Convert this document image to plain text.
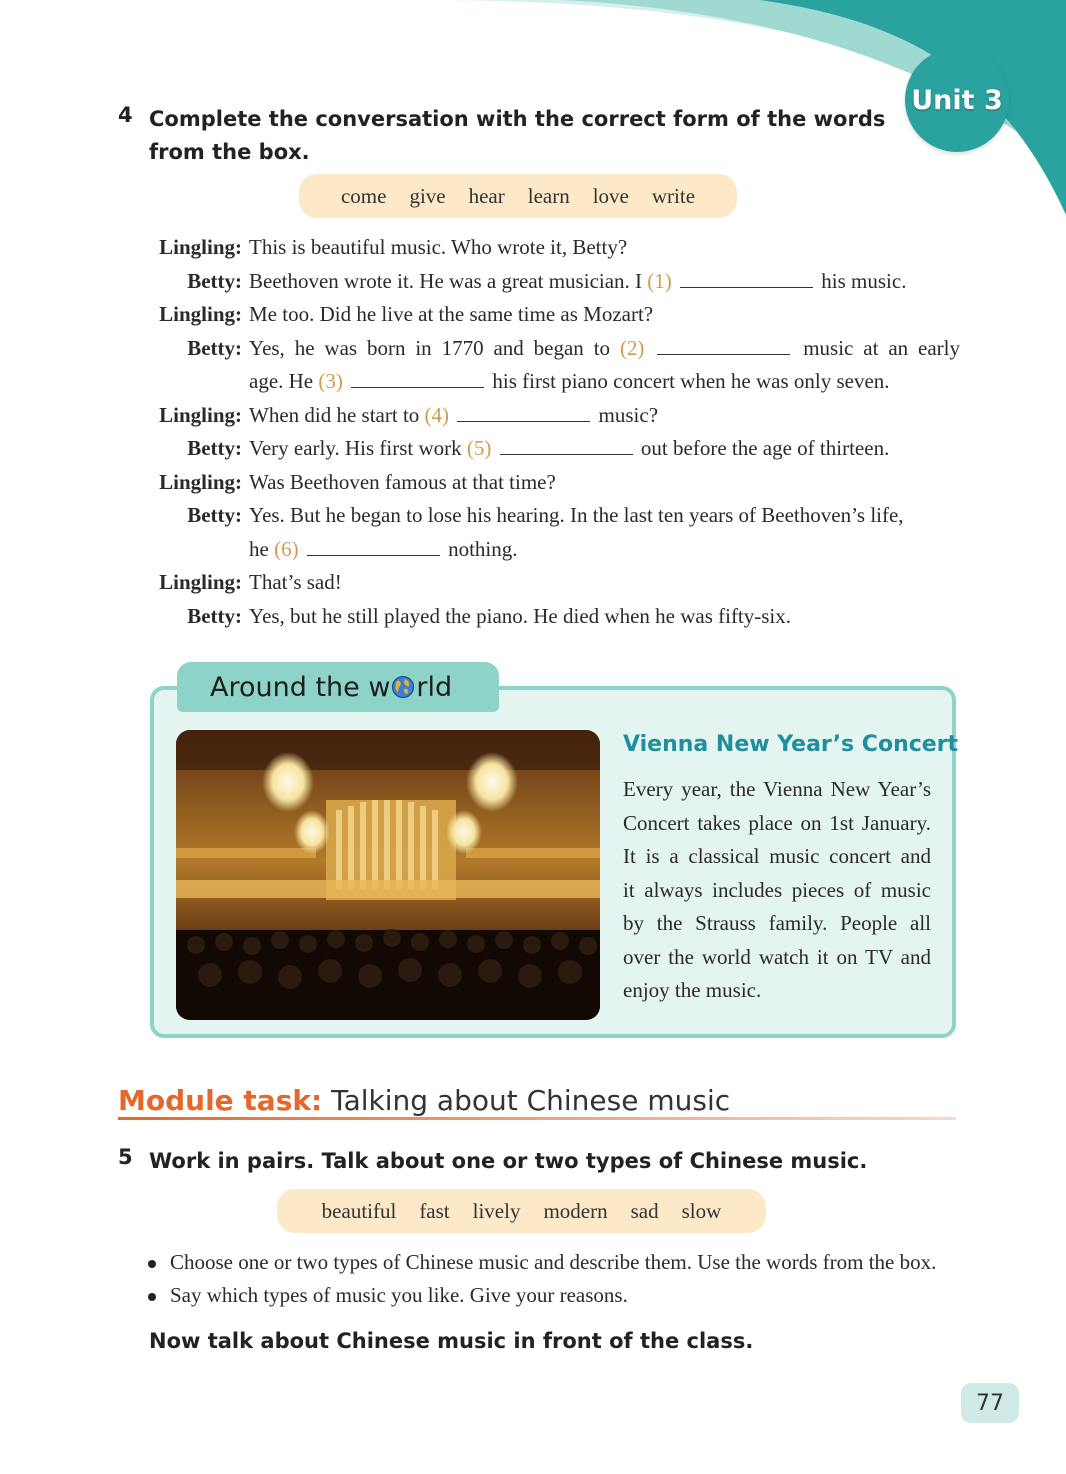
Unit 3
4 Complete the conversation with the correct form of the words
from the box.
come give hear learn love write
Lingling: This is beautiful music. Who wrote it, Betty?
Betty: Beethoven wrote it. He was a great musician. I (1)	his music.
Lingling: Me too. Did he live at the same time as Mozart?
Betty: Yes, he was born in 1770 and began to (2)	music at an early
age. He (3)	his first piano concert when he was only seven.
Lingling: When did he start to (4)	music?
Betty: Very early. His first work (5)	out before the age of thirteen.
Lingling: Was Beethoven famous at that time?
Betty: Yes. But he began to lose his hearing. In the last ten years of Beethoven’s life,
he (6)	nothing.
Lingling: That’s sad!
Betty: Yes, but he still played the piano. He died when he was fifty-six.
Around the w rld
Vienna New Year’s Concert
Every year, the Vienna New Year’s
Concert takes place on 1st January.
It is a classical music concert and
it always includes pieces of music
by the Strauss family. People all
over the world watch it on TV and
enjoy the music.
Module task: Talking about Chinese music
5 Work in pairs. Talk about one or two types of Chinese music.
beautiful fast lively modern sad slow
Choose one or two types of Chinese music and describe them. Use the words from the box.
Say which types of music you like. Give your reasons.
Now talk about Chinese music in front of the class.
77
